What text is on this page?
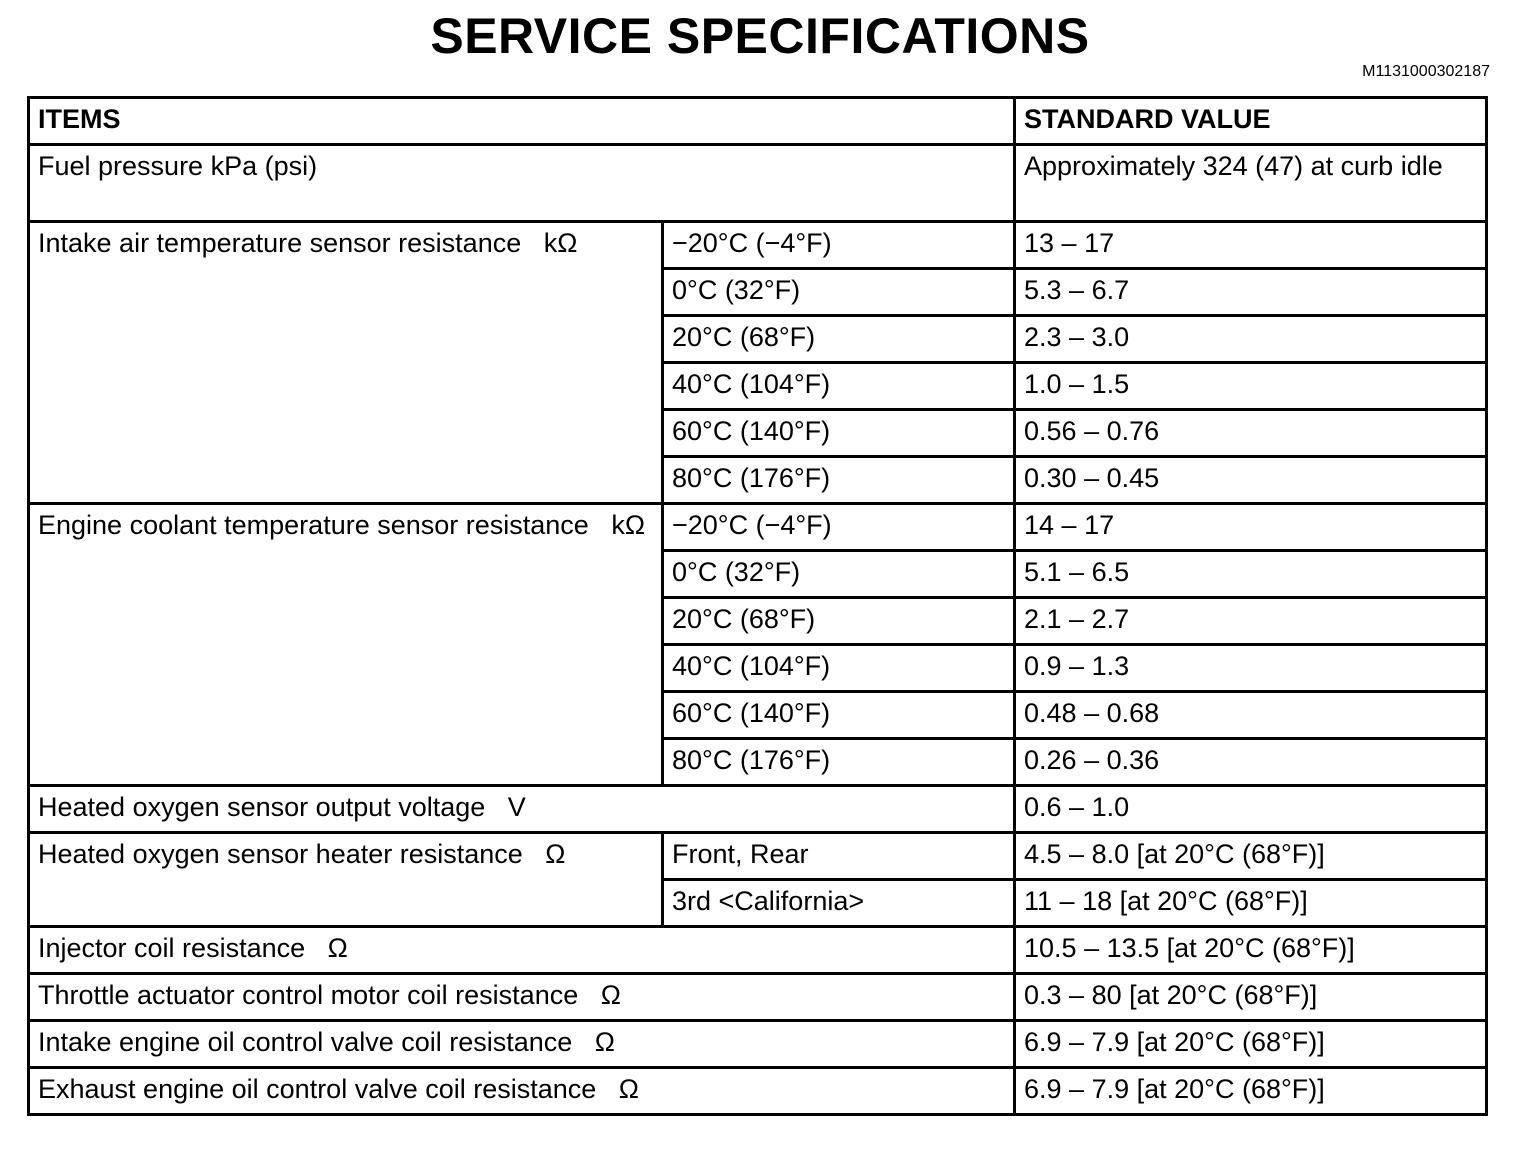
SERVICE SPECIFICATIONS
M1131000302187
ITEMS		STANDARD VALUE
Fuel pressure kPa (psi)		Approximately 324 (47) at curb idle
Intake air temperature sensor resistance   kΩ	−20°C (−4°F)	13 – 17
	0°C (32°F)	5.3 – 6.7
	20°C (68°F)	2.3 – 3.0
	40°C (104°F)	1.0 – 1.5
	60°C (140°F)	0.56 – 0.76
	80°C (176°F)	0.30 – 0.45
Engine coolant temperature sensor resistance   kΩ	−20°C (−4°F)	14 – 17
	0°C (32°F)	5.1 – 6.5
	20°C (68°F)	2.1 – 2.7
	40°C (104°F)	0.9 – 1.3
	60°C (140°F)	0.48 – 0.68
	80°C (176°F)	0.26 – 0.36
Heated oxygen sensor output voltage   V		0.6 – 1.0
Heated oxygen sensor heater resistance   Ω	Front, Rear	4.5 – 8.0 [at 20°C (68°F)]
	3rd <California>	11 – 18 [at 20°C (68°F)]
Injector coil resistance   Ω		10.5 – 13.5 [at 20°C (68°F)]
Throttle actuator control motor coil resistance   Ω		0.3 – 80 [at 20°C (68°F)]
Intake engine oil control valve coil resistance   Ω		6.9 – 7.9 [at 20°C (68°F)]
Exhaust engine oil control valve coil resistance   Ω		6.9 – 7.9 [at 20°C (68°F)]
